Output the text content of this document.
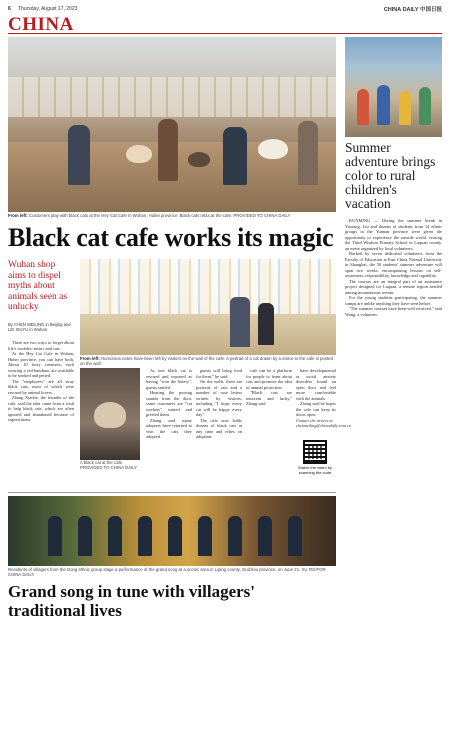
6 Thursday, August 17, 2023	CHINA DAILY 中国日报
CHINA
From left: Customers play with black cats at the Hey Cat Cafe in Wuhan, Hubei province. Black cats relax at the cafe. PROVIDED TO CHINA DAILY
Summer adventure brings color to rural children's vacation

KUNMING — During the summer break in Yuxiang, Liu and dozens of students from 14 ethnic groups in the Yunnan province were given the opportunity to experience the outside world, visiting the Third Wisdom Primary School in Luquan county, an event organized by local volunteers.

Backed by seven dedicated volunteers from the Faculty of Education at East China Normal University in Shanghai, the 50 students' summer adventure will span two weeks, encompassing lessons on self-awareness, responsibility, knowledge and capability.

The courses are an integral part of an assistance project designed for Luquan, a remote region nestled among mountainous terrain.

For the young students participating, the summer camps are unlike anything they have seen before.

"The summer courses have been well received," said Wang, a volunteer.

Black cat cafe works its magic
Wuhan shop aims to dispel myths about animals seen as unlucky
By CHEN MEILING in Beijing and LEI XIUYU in Wuhan

There are two ways to forget about life's troubles: music and cats.

At the Hey Cat Cafe in Wuhan, Hubei province, you can have both. About 10 furry creatures, each wearing a red bandana, are available to be stroked and petted.

The "employees" are all stray black cats, most of which were rescued by animal lovers.

Zhang Xiaohe, the founder of the cafe, said the idea came from a wish to help black cats, which are often ignored and abandoned because of superstitions.

From left: Humorous notes have been left by visitors on the wall of the cafe. A portrait of a cat drawn by a visitor to the cafe is posted on the wall.
A black cat at the cafe. PROVIDED TO CHINA DAILY

As one black cat is rescued and reported as having "won the lottery", guests smiled.

Hearing the purring sounds from the door, some customers are "cat workers" waited and greeted them.

Zhang said many adopters have returned to visit the cats they adopted.

guests will bring food for them," he said.

On the walls, there are portraits of cats and a number of cute letters written by visitors, including "I hope every cat will be happy every day".

The cafe now holds dozens of black cats at any time and relies on adoption.

cafe can be a platform for people to learn about cats and promote the idea of animal protection.

"Black cats are innocent and lucky," Zhang said.

have developmental or social anxiety disorders found an open door and feel more comfortable with the animals.

Zhang said he hopes the cafe can keep its doors open.

Contact the writers at chenmeiling@chinadaily.com.cn
Watch the video by scanning the code
Residents of villagers from the Dong ethnic group stage a performance of the grand song at a scenic area in Liping county, Guizhou province, on June 21. XU FEI/FOR CHINA DAILY
Grand song in tune with villagers' traditional lives
